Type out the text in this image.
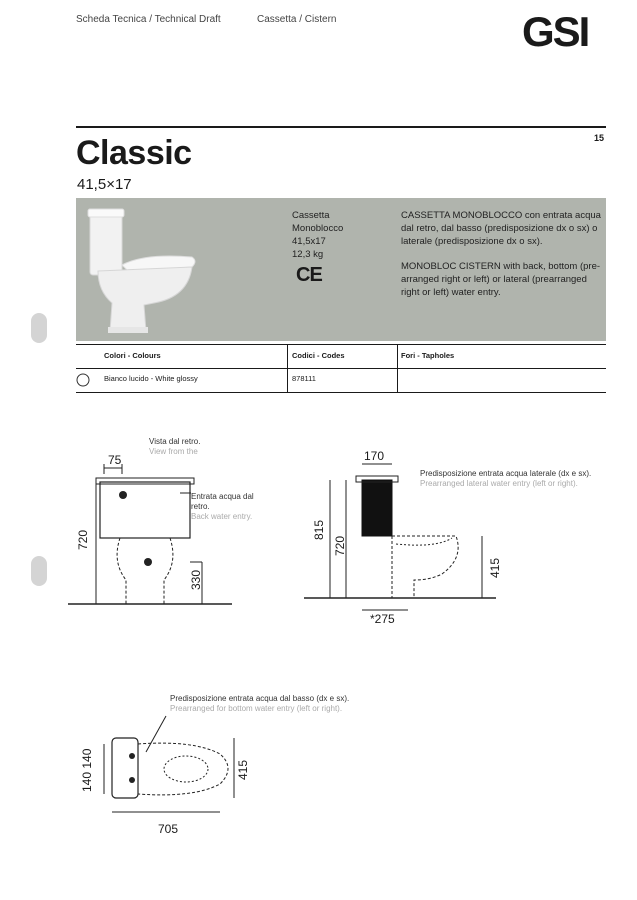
Scheda Tecnica / Technical Draft	Cassetta / Cistern	GSI
15
Classic
41,5×17
Cassetta
Monoblocco
41,5x17
12,3 kg
CE
CASSETTA MONOBLOCCO con entrata acqua dal retro, dal basso (predisposizione dx o sx) o laterale (predisposizione dx o sx).
MONOBLOC CISTERN with back, bottom (pre-arranged right or left) or lateral (prearranged right or left) water entry.
Colori - Colours	Codici - Codes	Fori - Tapholes
Bianco lucido - White glossy	878111
Vista dal retro.
View from the
Entrata acqua dal retro.
Back water entry.
75
720
330
Predisposizione entrata acqua laterale (dx e sx).
Prearranged lateral water entry (left or right).
170
815
720
415
*275
Predisposizione entrata acqua dal basso (dx e sx).
Prearranged for bottom water entry (left or right).
140 140	415
705
